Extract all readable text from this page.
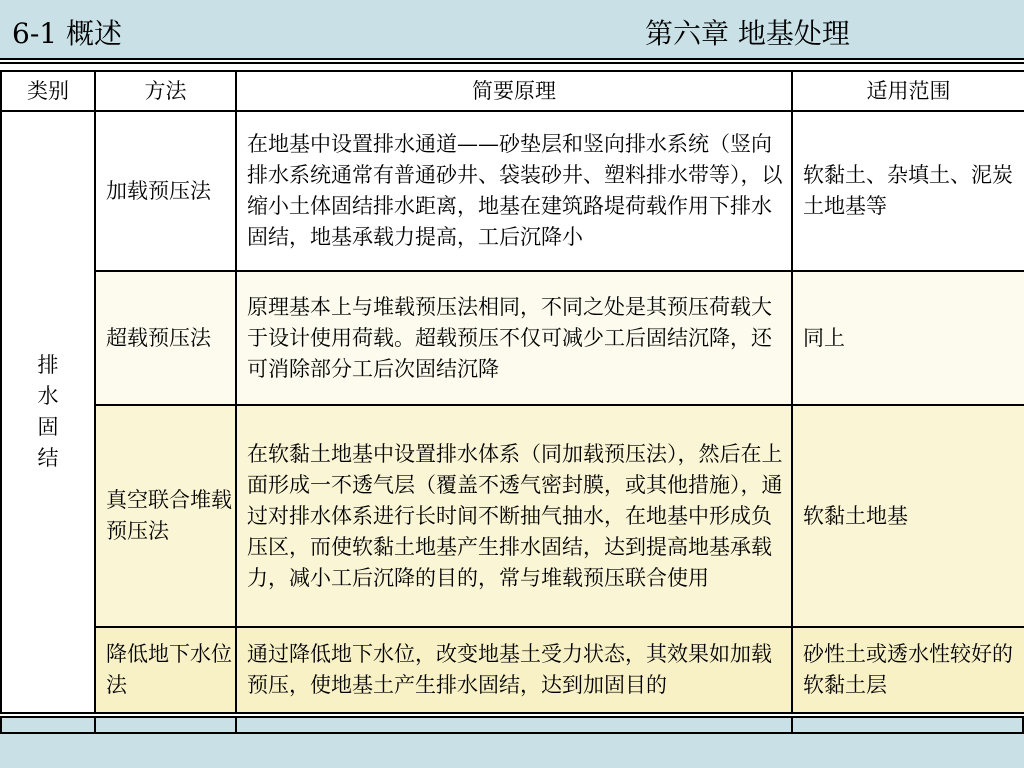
6-1 概述	第六章 地基处理
类别	方法	简要原理	适用范围
排水固结	加载预压法	在地基中设置排水通道——砂垫层和竖向排水系统（竖向排水系统通常有普通砂井、袋装砂井、塑料排水带等），以缩小土体固结排水距离，地基在建筑路堤荷载作用下排水固结，地基承载力提高，工后沉降小	软黏土、杂填土、泥炭土地基等
	超载预压法	原理基本上与堆载预压法相同，不同之处是其预压荷载大于设计使用荷载。超载预压不仅可减少工后固结沉降，还可消除部分工后次固结沉降	同上
	真空联合堆载预压法	在软黏土地基中设置排水体系（同加载预压法），然后在上面形成一不透气层（覆盖不透气密封膜，或其他措施），通过对排水体系进行长时间不断抽气抽水，在地基中形成负压区，而使软黏土地基产生排水固结，达到提高地基承载力，减小工后沉降的目的，常与堆载预压联合使用	软黏土地基
	降低地下水位法	通过降低地下水位，改变地基土受力状态，其效果如加载预压，使地基土产生排水固结，达到加固目的	砂性土或透水性较好的软黏土层
